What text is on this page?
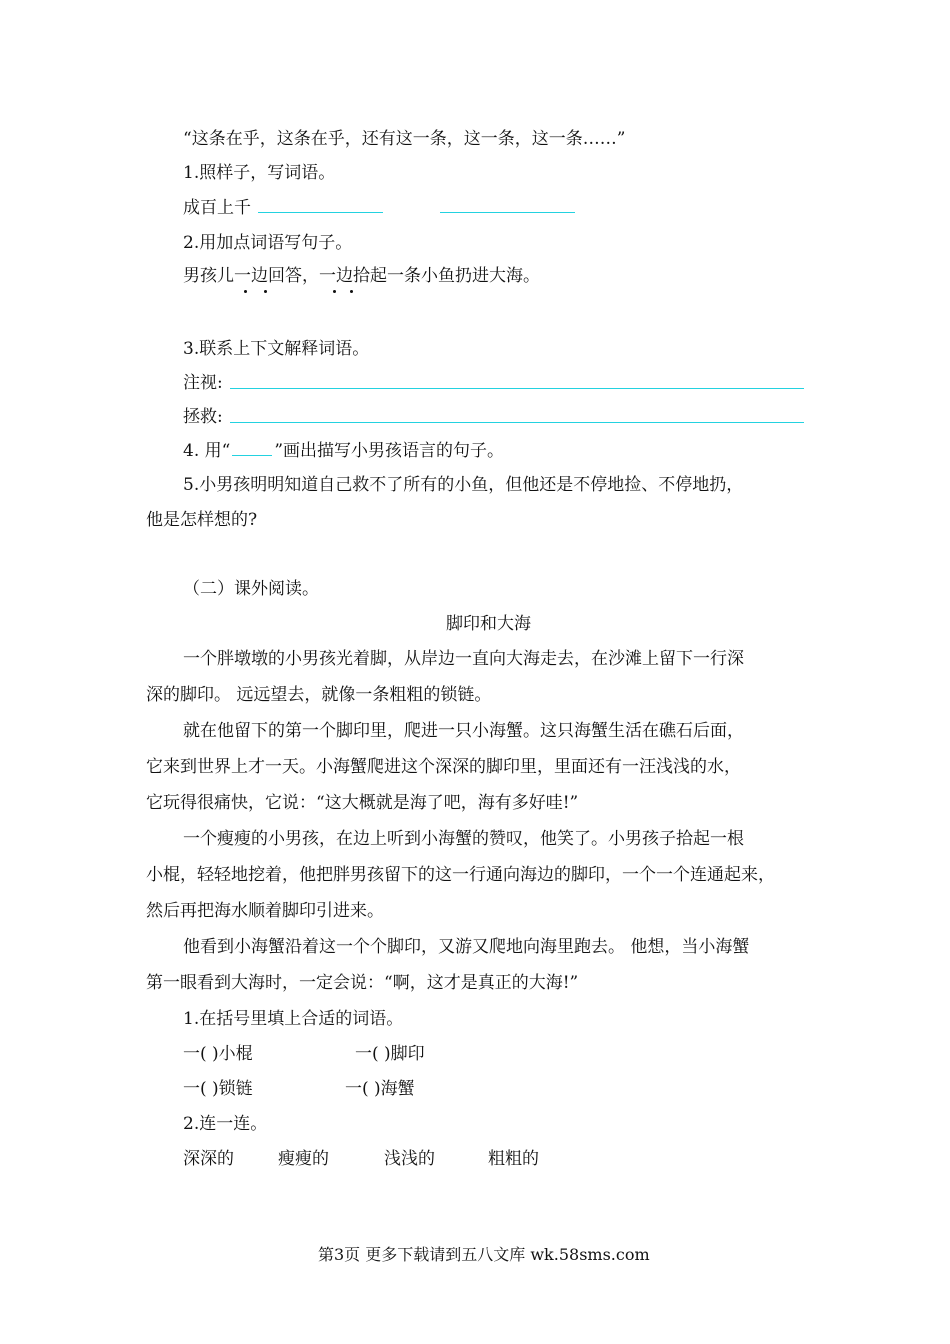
“这条在乎，这条在乎，还有这一条，这一条，这一条……”
1.照样子，写词语。
成百上千
2.用加点词语写句子。
男孩儿一边回答，一边拾起一条小鱼扔进大海。
3.联系上下文解释词语。
注视:
拯救:
4. 用“	”画出描写小男孩语言的句子。
5.小男孩明明知道自己救不了所有的小鱼，但他还是不停地捡、不停地扔，
他是怎样想的?
（二）课外阅读。
脚印和大海
一个胖墩墩的小男孩光着脚，从岸边一直向大海走去，在沙滩上留下一行深
深的脚印。 远远望去，就像一条粗粗的锁链。
就在他留下的第一个脚印里，爬进一只小海蟹。这只海蟹生活在礁石后面，
它来到世界上才一天。小海蟹爬进这个深深的脚印里，里面还有一汪浅浅的水，
它玩得很痛快，它说：“这大概就是海了吧，海有多好哇!”
一个瘦瘦的小男孩，在边上听到小海蟹的赞叹，他笑了。小男孩子拾起一根
小棍，轻轻地挖着，他把胖男孩留下的这一行通向海边的脚印，一个一个连通起来，
然后再把海水顺着脚印引进来。
他看到小海蟹沿着这一个个脚印，又游又爬地向海里跑去。 他想，当小海蟹
第一眼看到大海时，一定会说：“啊，这才是真正的大海!”
1.在括号里填上合适的词语。
一( )小棍	一( )脚印
一( )锁链	一( )海蟹
2.连一连。
深深的	瘦瘦的	浅浅的	粗粗的
第3页 更多下载请到五八文库 wk.58sms.com
